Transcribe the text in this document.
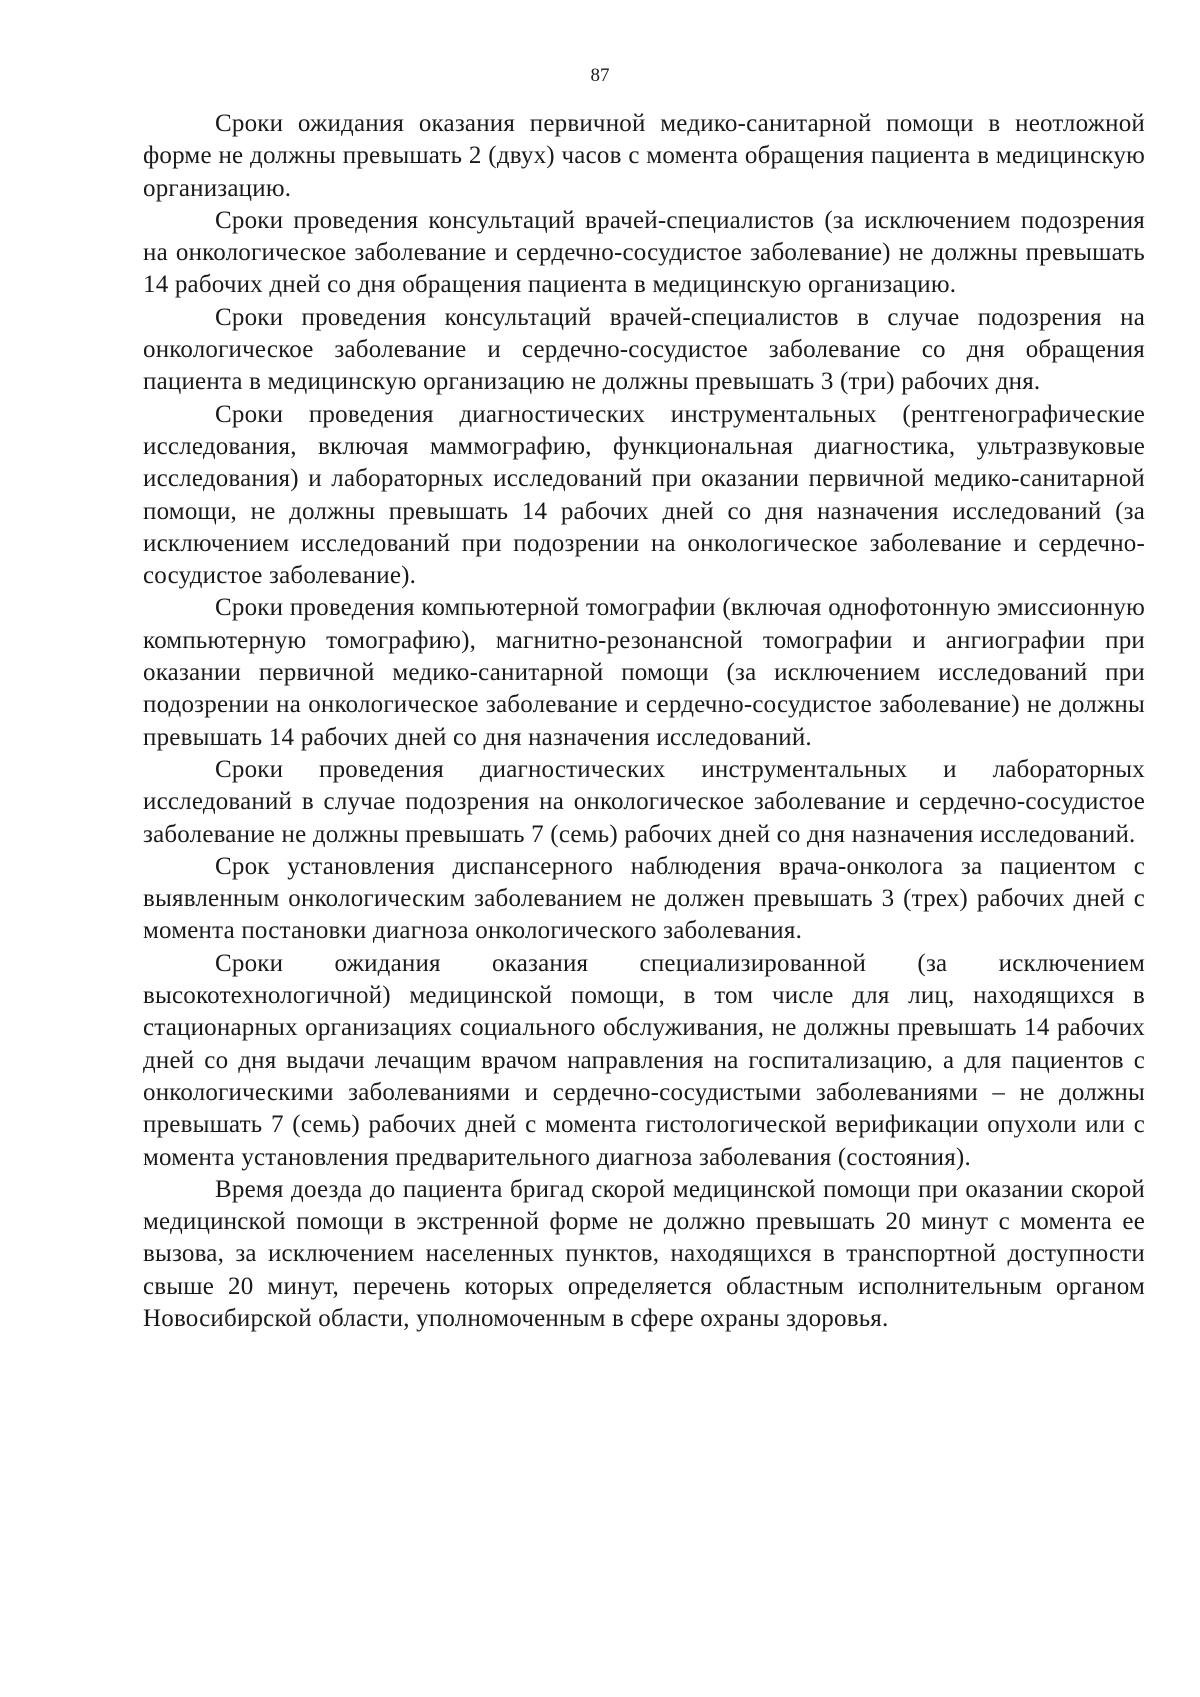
87

Сроки ожидания оказания первичной медико-санитарной помощи в неотложной форме не должны превышать 2 (двух) часов с момента обращения пациента в медицинскую организацию.

Сроки проведения консультаций врачей-специалистов (за исключением подозрения на онкологическое заболевание и сердечно-сосудистое заболевание) не должны превышать 14 рабочих дней со дня обращения пациента в медицинскую организацию.

Сроки проведения консультаций врачей-специалистов в случае подозрения на онкологическое заболевание и сердечно-сосудистое заболевание со дня обращения пациента в медицинскую организацию не должны превышать 3 (три) рабочих дня.

Сроки проведения диагностических инструментальных (рентгенографические исследования, включая маммографию, функциональная диагностика, ультразвуковые исследования) и лабораторных исследований при оказании первичной медико-санитарной помощи, не должны превышать 14 рабочих дней со дня назначения исследований (за исключением исследований при подозрении на онкологическое заболевание и сердечно-сосудистое заболевание).

Сроки проведения компьютерной томографии (включая однофотонную эмиссионную компьютерную томографию), магнитно-резонансной томографии и ангиографии при оказании первичной медико-санитарной помощи (за исключением исследований при подозрении на онкологическое заболевание и сердечно-сосудистое заболевание) не должны превышать 14 рабочих дней со дня назначения исследований.

Сроки проведения диагностических инструментальных и лабораторных исследований в случае подозрения на онкологическое заболевание и сердечно-сосудистое заболевание не должны превышать 7 (семь) рабочих дней со дня назначения исследований.

Срок установления диспансерного наблюдения врача-онколога за пациентом с выявленным онкологическим заболеванием не должен превышать 3 (трех) рабочих дней с момента постановки диагноза онкологического заболевания.

Сроки ожидания оказания специализированной (за исключением высокотехнологичной) медицинской помощи, в том числе для лиц, находящихся в стационарных организациях социального обслуживания, не должны превышать 14 рабочих дней со дня выдачи лечащим врачом направления на госпитализацию, а для пациентов с онкологическими заболеваниями и сердечно-сосудистыми заболеваниями – не должны превышать 7 (семь) рабочих дней с момента гистологической верификации опухоли или с момента установления предварительного диагноза заболевания (состояния).

Время доезда до пациента бригад скорой медицинской помощи при оказании скорой медицинской помощи в экстренной форме не должно превышать 20 минут с момента ее вызова, за исключением населенных пунктов, находящихся в транспортной доступности свыше 20 минут, перечень которых определяется областным исполнительным органом Новосибирской области, уполномоченным в сфере охраны здоровья.
